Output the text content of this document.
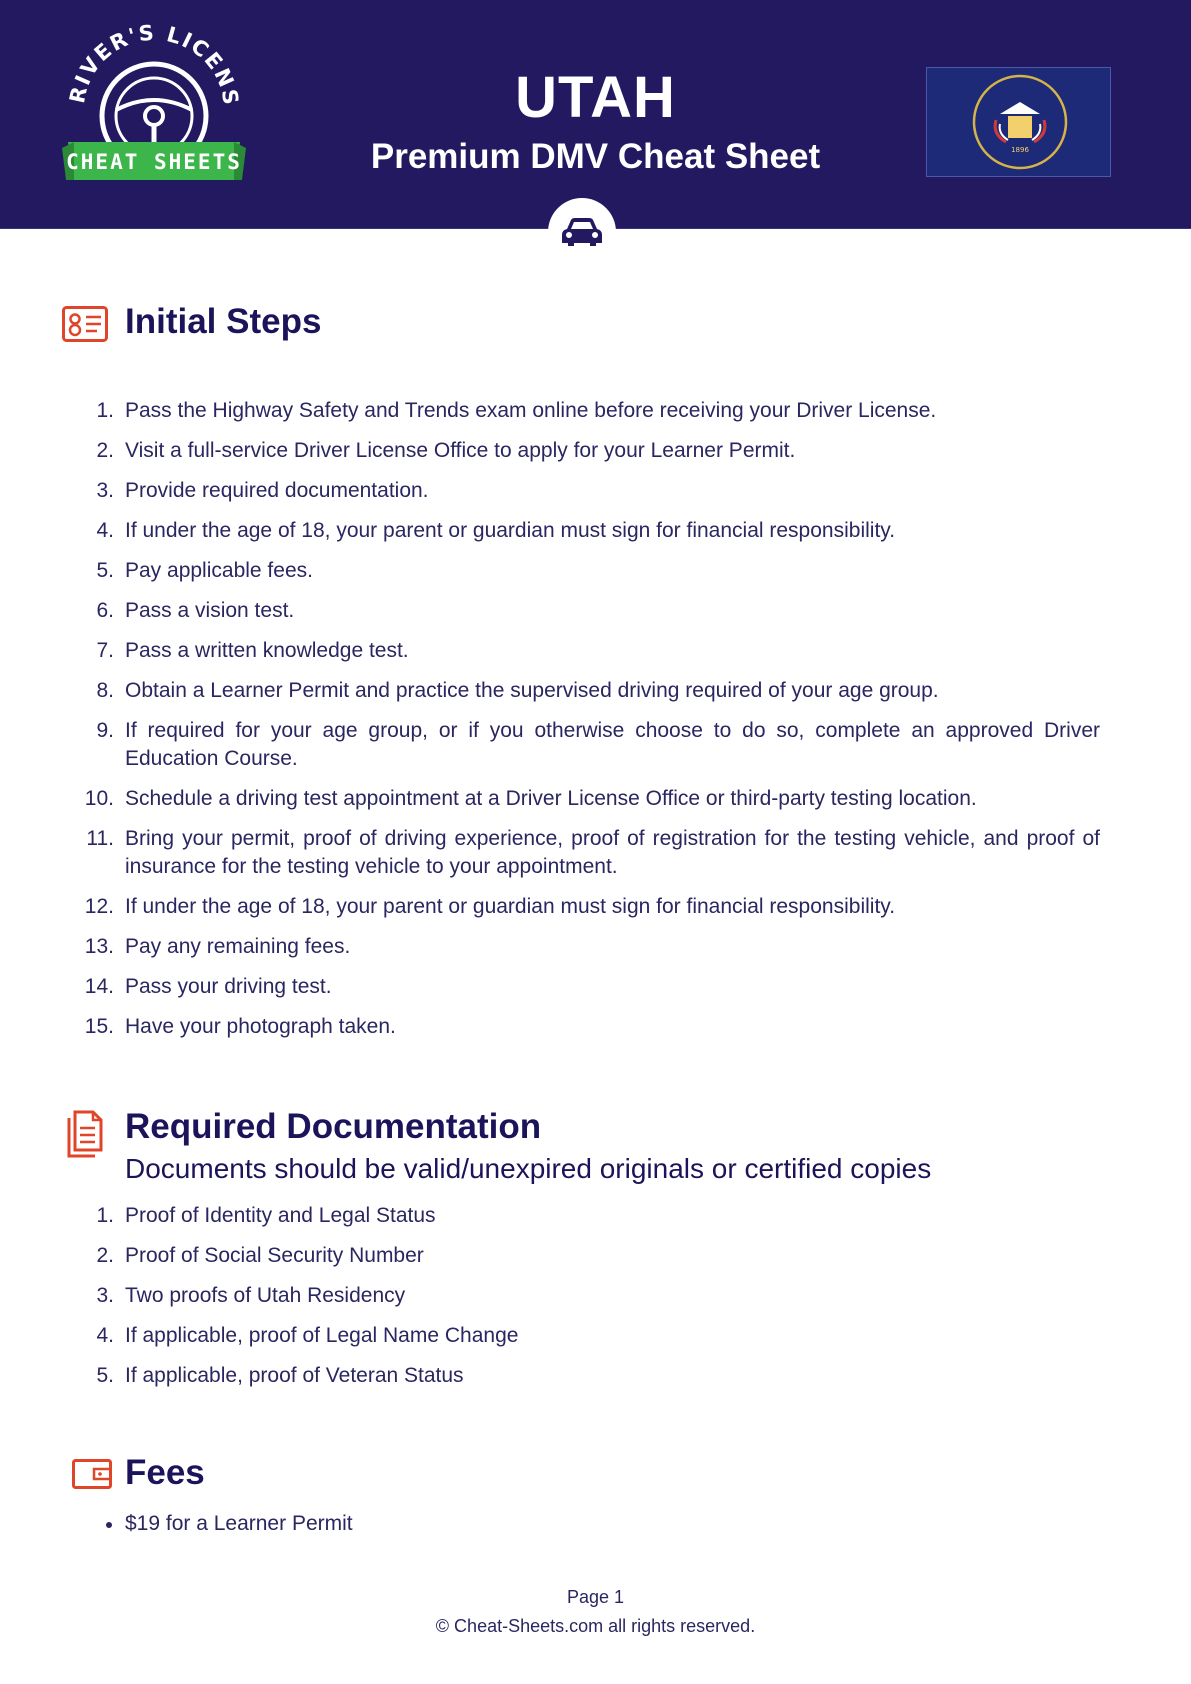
RIVER'S LICENS
CHEAT SHEETS
UTAH
Premium DMV Cheat Sheet	1896
Initial Steps
1. Pass the Highway Safety and Trends exam online before receiving your Driver License.
2. Visit a full-service Driver License Office to apply for your Learner Permit.
3. Provide required documentation.
4. If under the age of 18, your parent or guardian must sign for financial responsibility.
5. Pay applicable fees.
6. Pass a vision test.
7. Pass a written knowledge test.
8. Obtain a Learner Permit and practice the supervised driving required of your age group.
9. If required for your age group, or if you otherwise choose to do so, complete an approved Driver Education Course.
10. Schedule a driving test appointment at a Driver License Office or third-party testing location.
11. Bring your permit, proof of driving experience, proof of registration for the testing vehicle, and proof of insurance for the testing vehicle to your appointment.
12. If under the age of 18, your parent or guardian must sign for financial responsibility.
13. Pay any remaining fees.
14. Pass your driving test.
15. Have your photograph taken.
Required Documentation
Documents should be valid/unexpired originals or certified copies
1. Proof of Identity and Legal Status
2. Proof of Social Security Number
3. Two proofs of Utah Residency
4. If applicable, proof of Legal Name Change
5. If applicable, proof of Veteran Status
Fees
$19 for a Learner Permit
Page 1
© Cheat-Sheets.com all rights reserved.
